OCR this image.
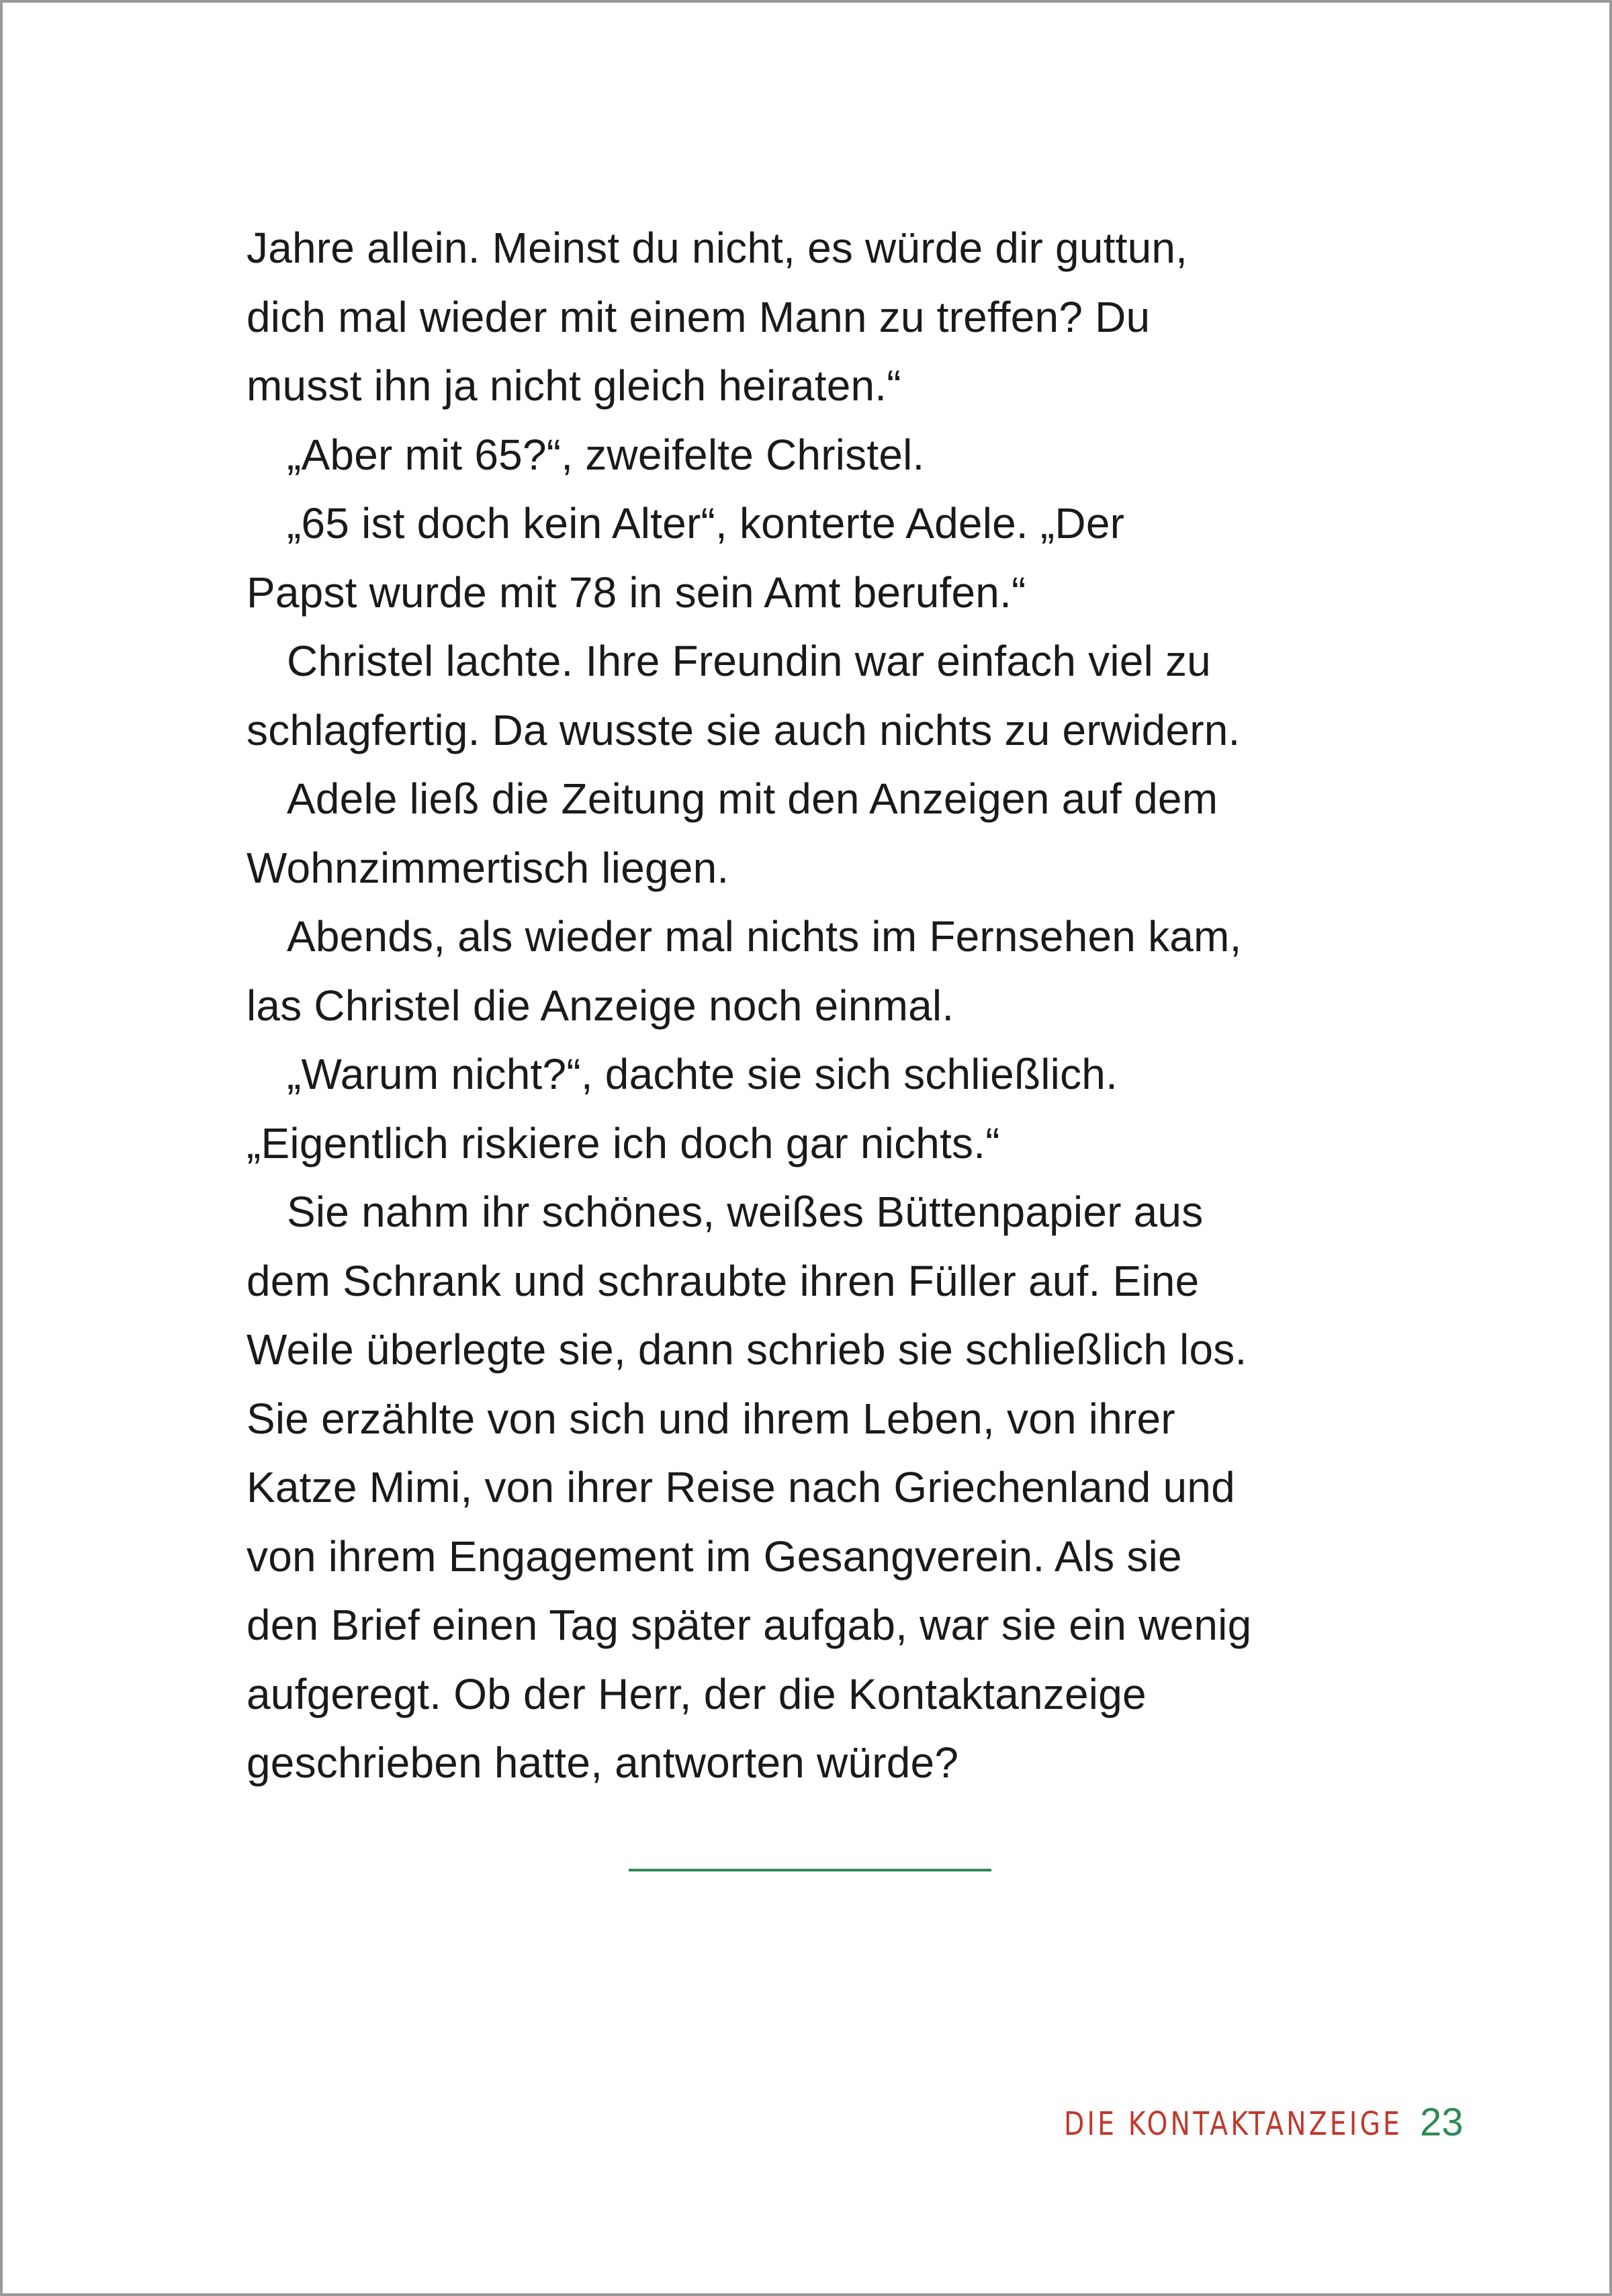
Jahre allein. Meinst du nicht, es würde dir guttun,
dich mal wieder mit einem Mann zu treffen? Du
musst ihn ja nicht gleich heiraten.“
„Aber mit 65?“, zweifelte Christel.
„65 ist doch kein Alter“, konterte Adele. „Der
Papst wurde mit 78 in sein Amt berufen.“
Christel lachte. Ihre Freundin war einfach viel zu
schlagfertig. Da wusste sie auch nichts zu erwidern.
Adele ließ die Zeitung mit den Anzeigen auf dem
Wohnzimmertisch liegen.
Abends, als wieder mal nichts im Fernsehen kam,
las Christel die Anzeige noch einmal.
„Warum nicht?“, dachte sie sich schließlich.
„Eigentlich riskiere ich doch gar nichts.“
Sie nahm ihr schönes, weißes Büttenpapier aus
dem Schrank und schraubte ihren Füller auf. Eine
Weile überlegte sie, dann schrieb sie schließlich los.
Sie erzählte von sich und ihrem Leben, von ihrer
Katze Mimi, von ihrer Reise nach Griechenland und
von ihrem Engagement im Gesangverein. Als sie
den Brief einen Tag später aufgab, war sie ein wenig
aufgeregt. Ob der Herr, der die Kontaktanzeige
geschrieben hatte, antworten würde?
DIE KONTAKTANZEIGE 23
